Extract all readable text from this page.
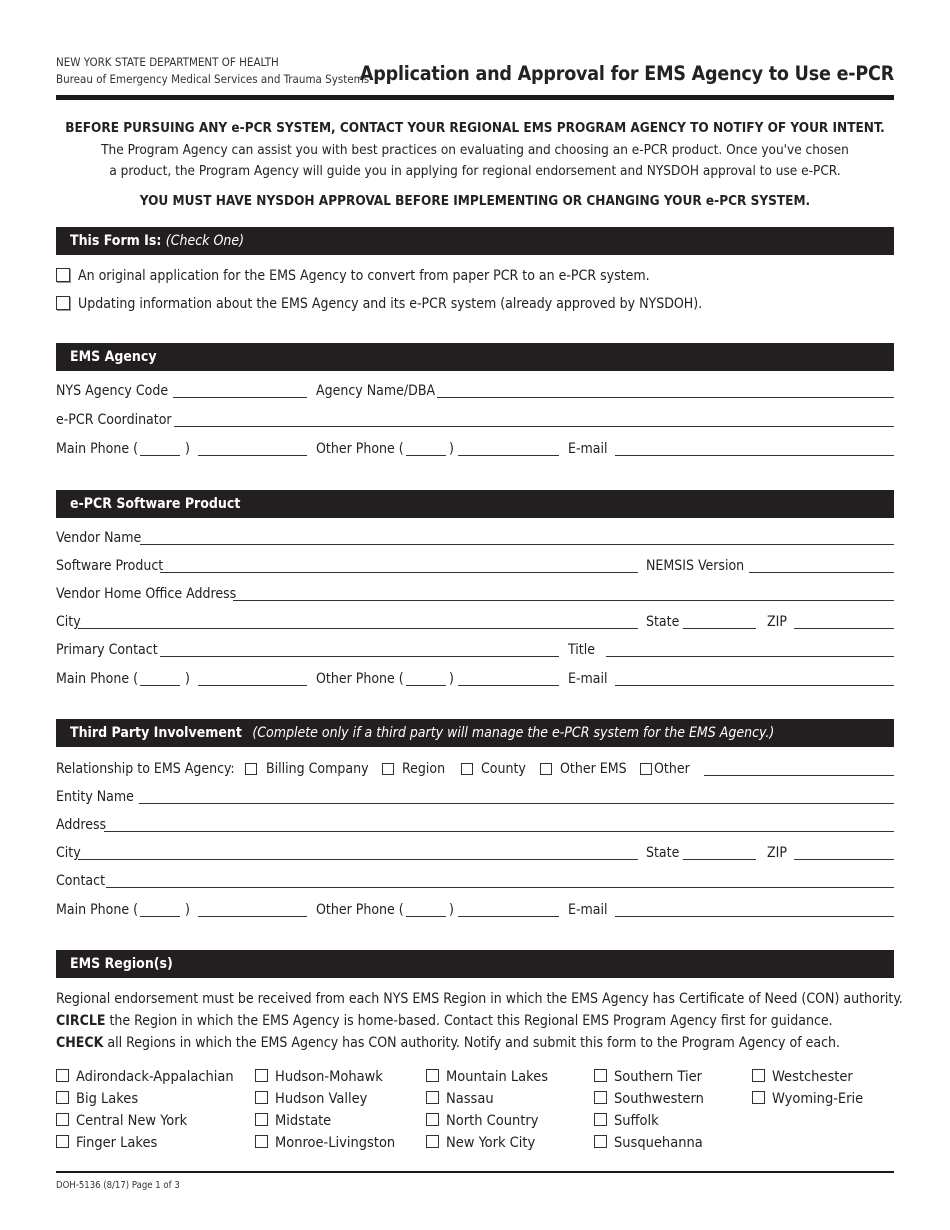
NEW YORK STATE DEPARTMENT OF HEALTH
Bureau of Emergency Medical Services and Trauma Systems
Application and Approval for EMS Agency to Use e-PCR
BEFORE PURSUING ANY e-PCR SYSTEM, CONTACT YOUR REGIONAL EMS PROGRAM AGENCY TO NOTIFY OF YOUR INTENT.
The Program Agency can assist you with best practices on evaluating and choosing an e-PCR product. Once you've chosen
a product, the Program Agency will guide you in applying for regional endorsement and NYSDOH approval to use e-PCR.
YOU MUST HAVE NYSDOH APPROVAL BEFORE IMPLEMENTING OR CHANGING YOUR e-PCR SYSTEM.
This Form Is: (Check One)
An original application for the EMS Agency to convert from paper PCR to an e-PCR system.
Updating information about the EMS Agency and its e-PCR system (already approved by NYSDOH).
EMS Agency
NYS Agency Code	Agency Name/DBA
e-PCR Coordinator
Main Phone (	)	Other Phone (	)	E-mail
e-PCR Software Product
Vendor Name
Software Product	NEMSIS Version
Vendor Home Office Address
City	State	ZIP
Primary Contact	Title
Main Phone (	)	Other Phone (	)	E-mail
Third Party Involvement (Complete only if a third party will manage the e-PCR system for the EMS Agency.)
Relationship to EMS Agency: Billing Company Region	County Other EMS Other
Entity Name
Address
City	State	ZIP
Contact
Main Phone (	)	Other Phone (	)	E-mail
EMS Region(s)
Regional endorsement must be received from each NYS EMS Region in which the EMS Agency has Certificate of Need (CON) authority.
CIRCLE the Region in which the EMS Agency is home-based. Contact this Regional EMS Program Agency first for guidance.
CHECK all Regions in which the EMS Agency has CON authority. Notify and submit this form to the Program Agency of each.
Adirondack-Appalachian
Big Lakes
Central New York
Finger Lakes
Hudson-Mohawk
Hudson Valley
Midstate
Monroe-Livingston
Mountain Lakes
Nassau
North Country
New York City
Southern Tier
Southwestern
Suffolk
Susquehanna
Westchester
Wyoming-Erie
DOH-5136 (8/17) Page 1 of 3
